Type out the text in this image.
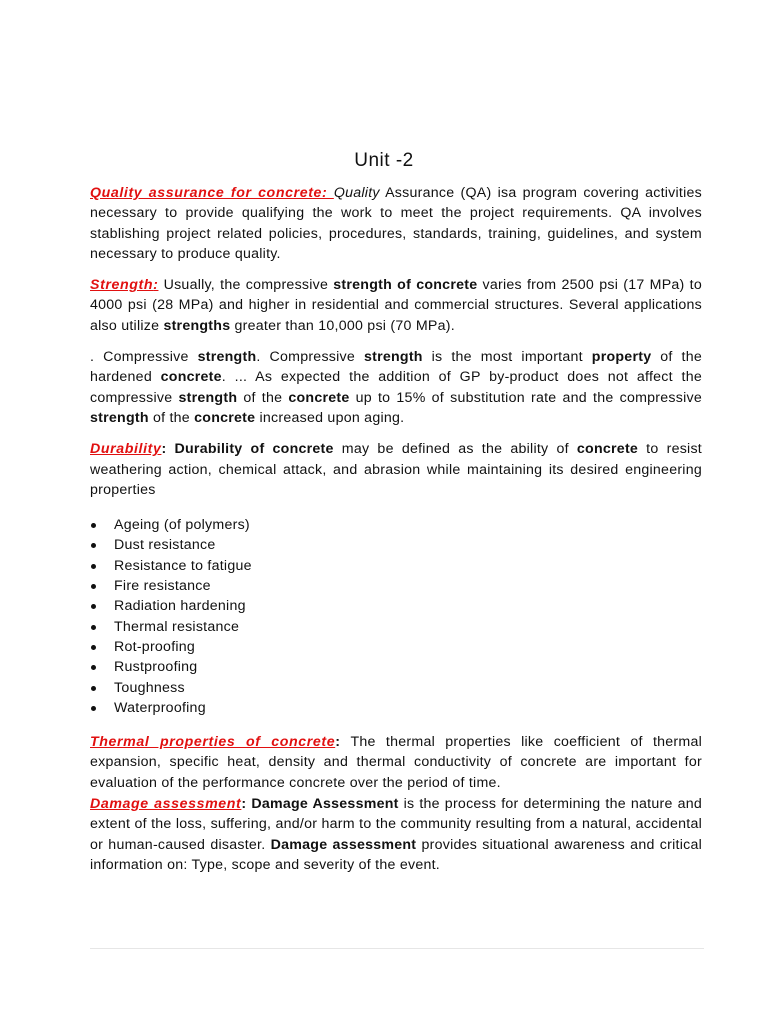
Unit -2

Quality assurance for concrete: Quality Assurance (QA) isa program covering activities necessary to provide qualifying the work to meet the project requirements. QA involves stablishing project related policies, procedures, standards, training, guidelines, and system necessary to produce quality.

Strength: Usually, the compressive strength of concrete varies from 2500 psi (17 MPa) to 4000 psi (28 MPa) and higher in residential and commercial structures. Several applications also utilize strengths greater than 10,000 psi (70 MPa).

. Compressive strength. Compressive strength is the most important property of the hardened concrete. ... As expected the addition of GP by-product does not affect the compressive strength of the concrete up to 15% of substitution rate and the compressive strength of the concrete increased upon aging.

Durability: Durability of concrete may be defined as the ability of concrete to resist weathering action, chemical attack, and abrasion while maintaining its desired engineering properties

Ageing (of polymers)
Dust resistance
Resistance to fatigue
Fire resistance
Radiation hardening
Thermal resistance
Rot-proofing
Rustproofing
Toughness
Waterproofing

Thermal properties of concrete: The thermal properties like coefficient of thermal expansion, specific heat, density and thermal conductivity of concrete are important for evaluation of the performance concrete over the period of time.

Damage assessment: Damage Assessment is the process for determining the nature and extent of the loss, suffering, and/or harm to the community resulting from a natural, accidental or human-caused disaster. Damage assessment provides situational awareness and critical information on: Type, scope and severity of the event.
